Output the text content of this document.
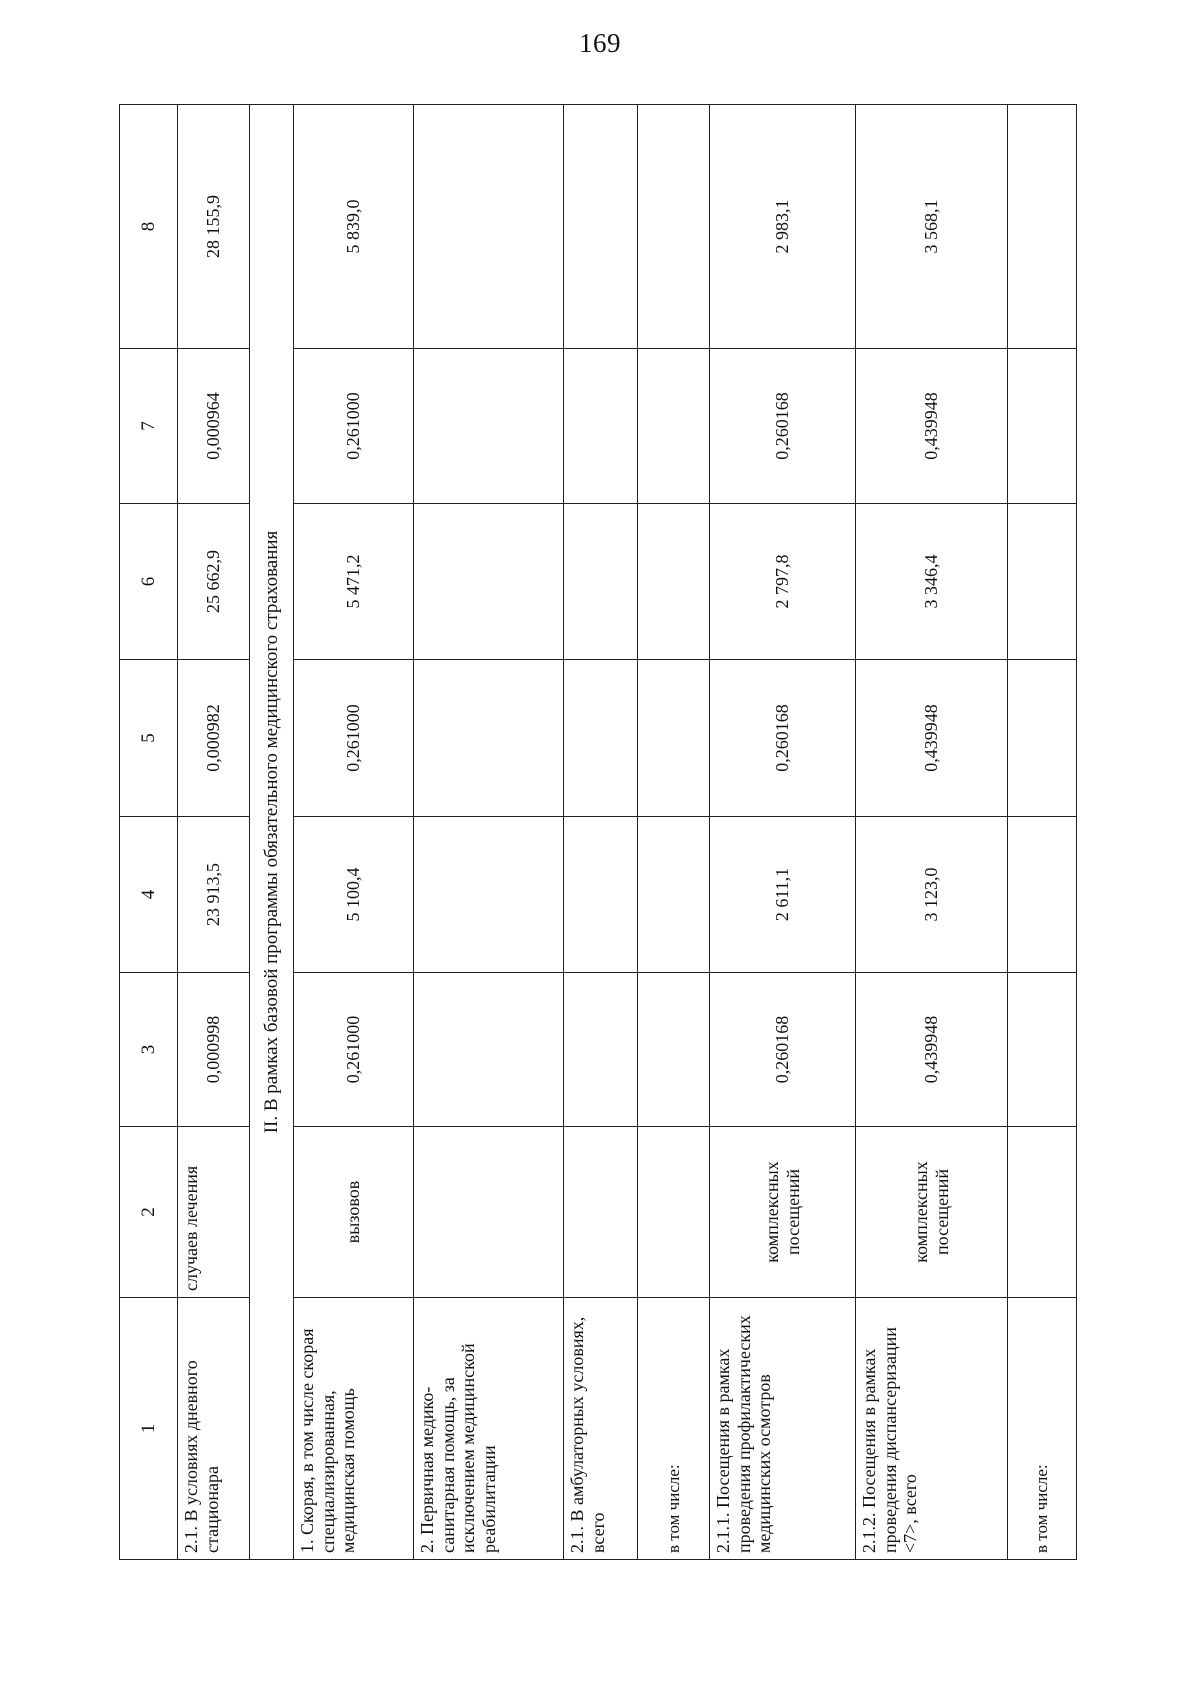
169
1	2	3	4	5	6	7	8
2.1. В условиях дневного стационара	случаев лечения	0,000998	23 913,5	0,000982	25 662,9	0,000964	28 155,9
II. В рамках базовой программы обязательного медицинского страхования							
1. Скорая, в том числе скорая специализированная, медицинская помощь	вызовов	0,261000	5 100,4	0,261000	5 471,2	0,261000	5 839,0
2. Первичная медико-санитарная помощь, за исключением медицинской реабилитации							
2.1. В амбулаторных условиях, всего							
в том числе:							
2.1.1. Посещения в рамках проведения профилактических медицинских осмотров	комплексных посещений	0,260168	2 611,1	0,260168	2 797,8	0,260168	2 983,1
2.1.2. Посещения в рамках проведения диспансеризации <7>, всего	комплексных посещений	0,439948	3 123,0	0,439948	3 346,4	0,439948	3 568,1
в том числе:							
